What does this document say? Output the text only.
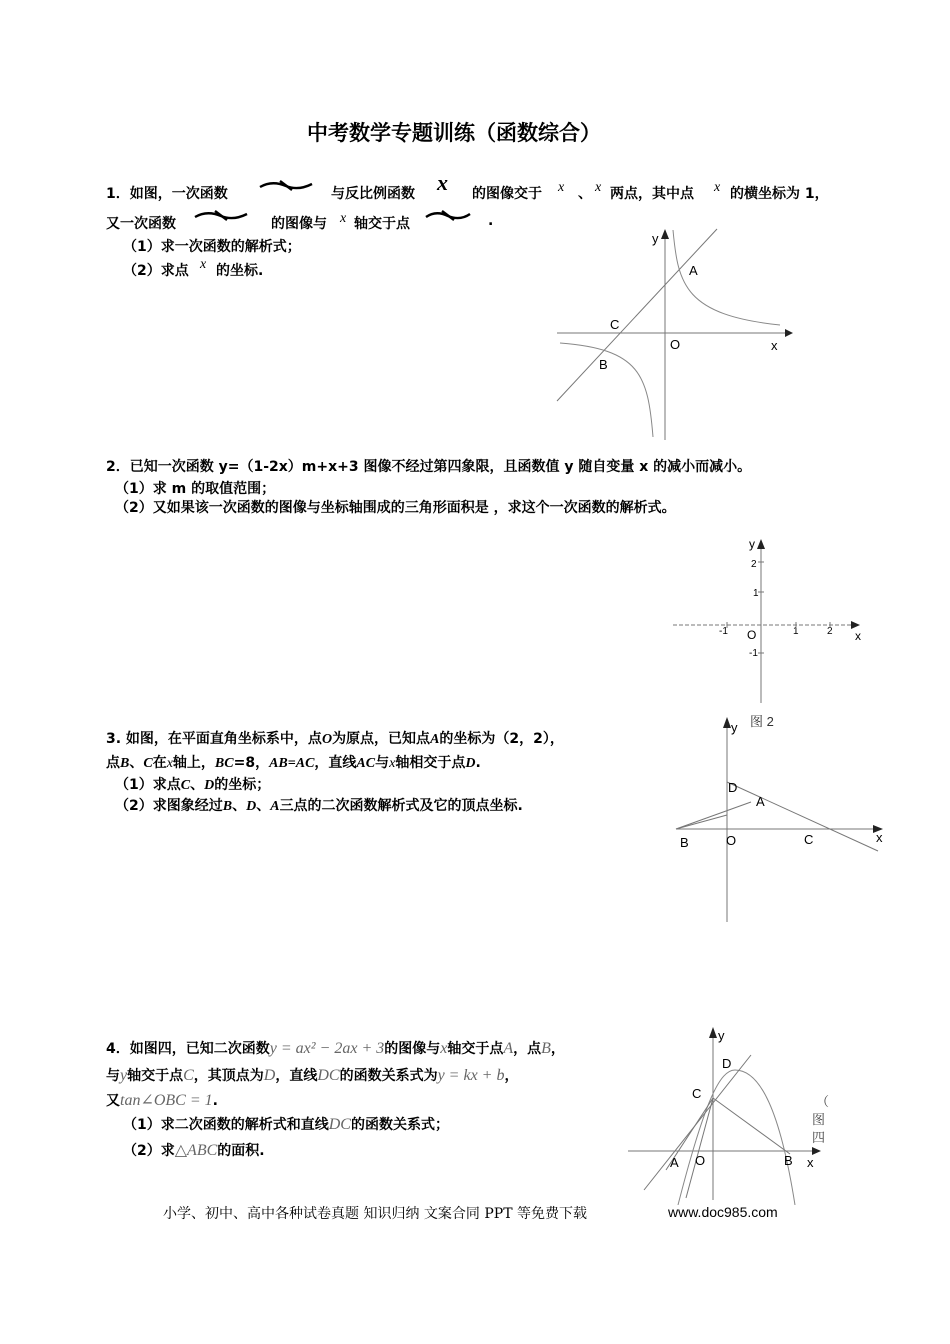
中考数学专题训练（函数综合）
1．如图，一次函数	与反比例函数 x 的图像交于 x 、 x 两点，其中点 x 的横坐标为 1，
又一次函数	的图像与 x 轴交于点	.
（1）求一次函数的解析式；
（2）求点 x 的坐标.
y
A
C
O	x
B
2．已知一次函数 y=（1-2x）m+x+3 图像不经过第四象限，且函数值 y 随自变量 x 的减小而减小。
（1）求 m 的取值范围；
（2）又如果该一次函数的图像与坐标轴围成的三角形面积是 ，求这个一次函数的解析式。
y
2
1
-1 O	1	2 x
-1
图 2
3. 如图，在平面直角坐标系中，点O为原点，已知点A的坐标为（2，2），
点B、C在x轴上，BC=8，AB=AC，直线AC与x轴相交于点D.
（1）求点C、D的坐标；
（2）求图象经过B、D、A三点的二次函数解析式及它的顶点坐标.
y
D
A
B	O	C	x
4．如图四，已知二次函数y = ax² − 2ax + 3的图像与x轴交于点A，点B，
与y轴交于点C，其顶点为D，直线DC的函数关系式为y = kx + b，
又tan∠OBC = 1.
（1）求二次函数的解析式和直线DC的函数关系式；
（2）求△ABC的面积.
y
D
C
A O	B x
（
图
四
小学、初中、高中各种试卷真题 知识归纳 文案合同 PPT 等免费下载	www.doc985.com
